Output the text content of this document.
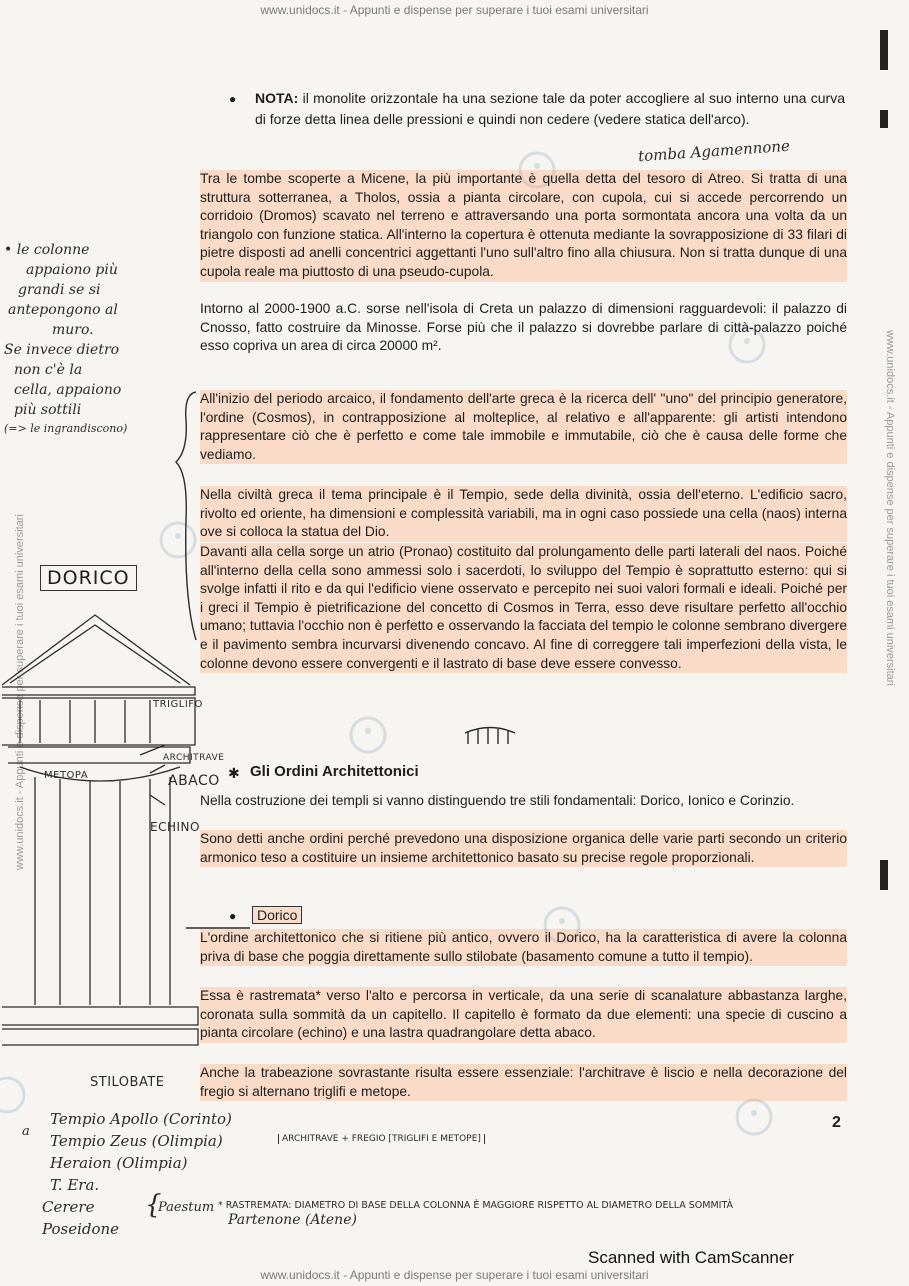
www.unidocs.it - Appunti e dispense per superare i tuoi esami universitari
www.unidocs.it - Appunti e dispense per superare i tuoi esami universitari
www.unidocs.it - Appunti e dispense per superare i tuoi esami universitari
www.unidocs.it - Appunti e dispense per superare i tuoi esami universitari
● NOTA: il monolite orizzontale ha una sezione tale da poter accogliere al suo interno una curva di forze detta linea delle pressioni e quindi non cedere (vedere statica dell'arco).
tomba Agamennone
Tra le tombe scoperte a Micene, la più importante è quella detta del tesoro di Atreo. Si tratta di una struttura sotterranea, a Tholos, ossia a pianta circolare, con cupola, cui si accede percorrendo un corridoio (Dromos) scavato nel terreno e attraversando una porta sormontata ancora una volta da un triangolo con funzione statica. All'interno la copertura è ottenuta mediante la sovrapposizione di 33 filari di pietre disposti ad anelli concentrici aggettanti l'uno sull'altro fino alla chiusura. Non si tratta dunque di una cupola reale ma piuttosto di una pseudo-cupola.
Intorno al 2000-1900 a.C. sorse nell'isola di Creta un palazzo di dimensioni ragguardevoli: il palazzo di Cnosso, fatto costruire da Minosse. Forse più che il palazzo si dovrebbe parlare di città-palazzo poiché esso copriva un area di circa 20000 m².
All'inizio del periodo arcaico, il fondamento dell'arte greca è la ricerca dell' "uno" del principio generatore, l'ordine (Cosmos), in contrapposizione al molteplice, al relativo e all'apparente: gli artisti intendono rappresentare ciò che è perfetto e come tale immobile e immutabile, ciò che è causa delle forme che vediamo.
Nella civiltà greca il tema principale è il Tempio, sede della divinità, ossia dell'eterno. L'edificio sacro, rivolto ed oriente, ha dimensioni e complessità variabili, ma in ogni caso possiede una cella (naos) interna ove si colloca la statua del Dio.
Davanti alla cella sorge un atrio (Pronao) costituito dal prolungamento delle parti laterali del naos. Poiché all'interno della cella sono ammessi solo i sacerdoti, lo sviluppo del Tempio è soprattutto esterno: qui si svolge infatti il rito e da qui l'edificio viene osservato e percepito nei suoi valori formali e ideali. Poiché per i greci il Tempio è pietrificazione del concetto di Cosmos in Terra, esso deve risultare perfetto all'occhio umano; tuttavia l'occhio non è perfetto e osservando la facciata del tempio le colonne sembrano divergere e il pavimento sembra incurvarsi divenendo concavo. Al fine di correggere tali imperfezioni della vista, le colonne devono essere convergenti e il lastrato di base deve essere convesso.
✱ Gli Ordini Architettonici
Nella costruzione dei templi si vanno distinguendo tre stili fondamentali: Dorico, Ionico e Corinzio.
Sono detti anche ordini perché prevedono una disposizione organica delle varie parti secondo un criterio armonico teso a costituire un insieme architettonico basato su precise regole proporzionali.
●	Dorico
L'ordine architettonico che si ritiene più antico, ovvero il Dorico, ha la caratteristica di avere la colonna priva di base che poggia direttamente sullo stilobate (basamento comune a tutto il tempio).
Essa è rastremata* verso l'alto e percorsa in verticale, da una serie di scanalature abbastanza larghe, coronata sulla sommità da un capitello. Il capitello è formato da due elementi: una specie di cuscino a pianta circolare (echino) e una lastra quadrangolare detta abaco.
Anche la trabeazione sovrastante risulta essere essenziale: l'architrave è liscio e nella decorazione del fregio si alternano triglifi e metope.
• le colonne
appaiono più
grandi se si
antepongono al
muro.
Se invece dietro
non c'è la
cella, appaiono
più sottili
(=> le ingrandiscono)
DORICO
TRIGLIFO
ARCHITRAVE
METOPA	ABACO
ECHINO
STILOBATE
ARCHITRAVE + FREGIO [TRIGLIFI E METOPE]
a
Tempio Apollo (Corinto)
Tempio Zeus (Olimpia)
Heraion (Olimpia)
T. Era.
Cerere
Poseidone
{
Paestum * RASTREMATA: DIAMETRO DI BASE DELLA COLONNA È MAGGIORE RISPETTO AL DIAMETRO DELLA SOMMITÀ
Partenone (Atene)
2
Scanned with CamScanner
